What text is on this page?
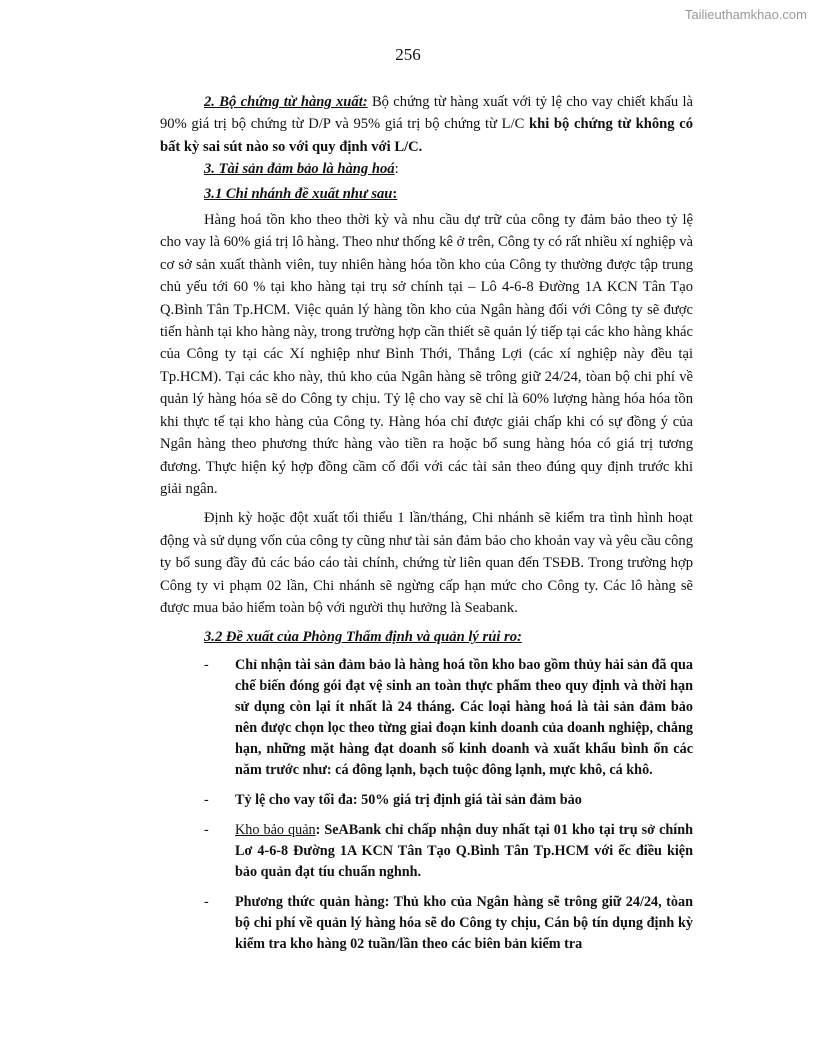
Tailieuthamkhao.com
256

2. Bộ chứng từ hàng xuất: Bộ chứng từ hàng xuất với tỷ lệ cho vay chiết khấu là 90% giá trị bộ chứng từ D/P và 95% giá trị bộ chứng từ L/C khi bộ chứng từ không có bất kỳ sai sút nào so với quy định với L/C.

3. Tài sản đảm bảo là hàng hoá:

3.1 Chi nhánh đề xuất như sau:

Hàng hoá tồn kho theo thời kỳ và nhu cầu dự trữ của công ty đảm bảo theo tỷ lệ cho vay là 60% giá trị lô hàng. Theo như thống kê ở trên, Công ty có rất nhiều xí nghiệp và cơ sở sản xuất thành viên, tuy nhiên hàng hóa tồn kho của Công ty thường được tập trung chủ yếu tới 60 % tại kho hàng tại trụ sở chính tại – Lô 4-6-8 Đường 1A KCN Tân Tạo Q.Bình Tân Tp.HCM. Việc quản lý hàng tồn kho của Ngân hàng đối với Công ty sẽ được tiến hành tại kho hàng này, trong trường hợp cần thiết sẽ quản lý tiếp tại các kho hàng khác của Công ty tại các Xí nghiệp như Bình Thới, Thắng Lợi (các xí nghiệp này đều tại Tp.HCM). Tại các kho này, thủ kho của Ngân hàng sẽ trông giữ 24/24, tòan bộ chi phí về quản lý hàng hóa sẽ do Công ty chịu. Tỷ lệ cho vay sẽ chỉ là 60% lượng hàng hóa hóa tồn khi thực tế tại kho hàng của Công ty. Hàng hóa chỉ được giải chấp khi có sự đồng ý của Ngân hàng theo phương thức hàng vào tiền ra hoặc bổ sung hàng hóa có giá trị tương đương. Thực hiện ký hợp đồng cầm cố đối với các tài sản theo đúng quy định trước khi giải ngân.

Định kỳ hoặc đột xuất tối thiểu 1 lần/tháng, Chi nhánh sẽ kiểm tra tình hình hoạt động và sử dụng vốn của công ty cũng như tài sản đảm bảo cho khoản vay và yêu cầu công ty bổ sung đầy đủ các báo cáo tài chính, chứng từ liên quan đến TSĐB. Trong trường hợp Công ty vi phạm 02 lần, Chi nhánh sẽ ngừng cấp hạn mức cho Công ty. Các lô hàng sẽ được mua bảo hiểm toàn bộ với người thụ hưởng là Seabank.

3.2 Đề xuất của Phòng Thẩm định và quản lý rủi ro:

-	Chỉ nhận tài sản đảm bảo là hàng hoá tồn kho bao gồm thủy hải sản đã qua chế biến đóng gói đạt vệ sinh an toàn thực phẩm theo quy định và thời hạn sử dụng còn lại ít nhất là 24 tháng. Các loại hàng hoá là tài sản đảm bảo nên được chọn lọc theo từng giai đoạn kinh doanh của doanh nghiệp, chẳng hạn, những mặt hàng đạt doanh số kinh doanh và xuất khẩu bình ổn các năm trước như: cá đông lạnh, bạch tuộc đông lạnh, mực khô, cá khô.
-	Tỷ lệ cho vay tối đa: 50% giá trị định giá tài sản đảm bảo
-	Kho bảo quản: SeABank chỉ chấp nhận duy nhất tại 01 kho tại trụ sở chính Lơ 4-6-8 Đường 1A KCN Tân Tạo Q.Bình Tân Tp.HCM với ếc điều kiện bảo quản đạt tíu chuẩn nghnh.
-	Phương thức quản hàng: Thủ kho của Ngân hàng sẽ trông giữ 24/24, tòan bộ chi phí về quản lý hàng hóa sẽ do Công ty chịu, Cán bộ tín dụng định kỳ kiểm tra kho hàng 02 tuần/lần theo các biên bản kiểm tra
